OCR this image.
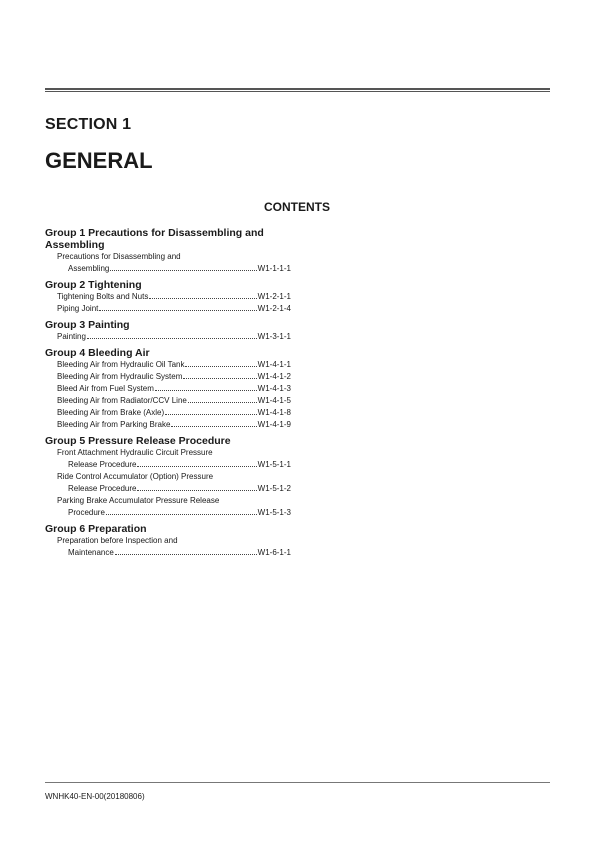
SECTION 1
GENERAL
CONTENTS
Group 1 Precautions for Disassembling and Assembling
Precautions for Disassembling and
Assembling	W1-1-1-1
Group 2 Tightening
Tightening Bolts and Nuts	W1-2-1-1
Piping Joint	W1-2-1-4
Group 3 Painting
Painting	W1-3-1-1
Group 4 Bleeding Air
Bleeding Air from Hydraulic Oil Tank	W1-4-1-1
Bleeding Air from Hydraulic System	W1-4-1-2
Bleed Air from Fuel System	W1-4-1-3
Bleeding Air from Radiator/CCV Line	W1-4-1-5
Bleeding Air from Brake (Axle)	W1-4-1-8
Bleeding Air from Parking Brake	W1-4-1-9
Group 5 Pressure Release Procedure
Front Attachment Hydraulic Circuit Pressure
Release Procedure	W1-5-1-1
Ride Control Accumulator (Option) Pressure
Release Procedure	W1-5-1-2
Parking Brake Accumulator Pressure Release
Procedure	W1-5-1-3
Group 6 Preparation
Preparation before Inspection and
Maintenance	W1-6-1-1
WNHK40-EN-00(20180806)
